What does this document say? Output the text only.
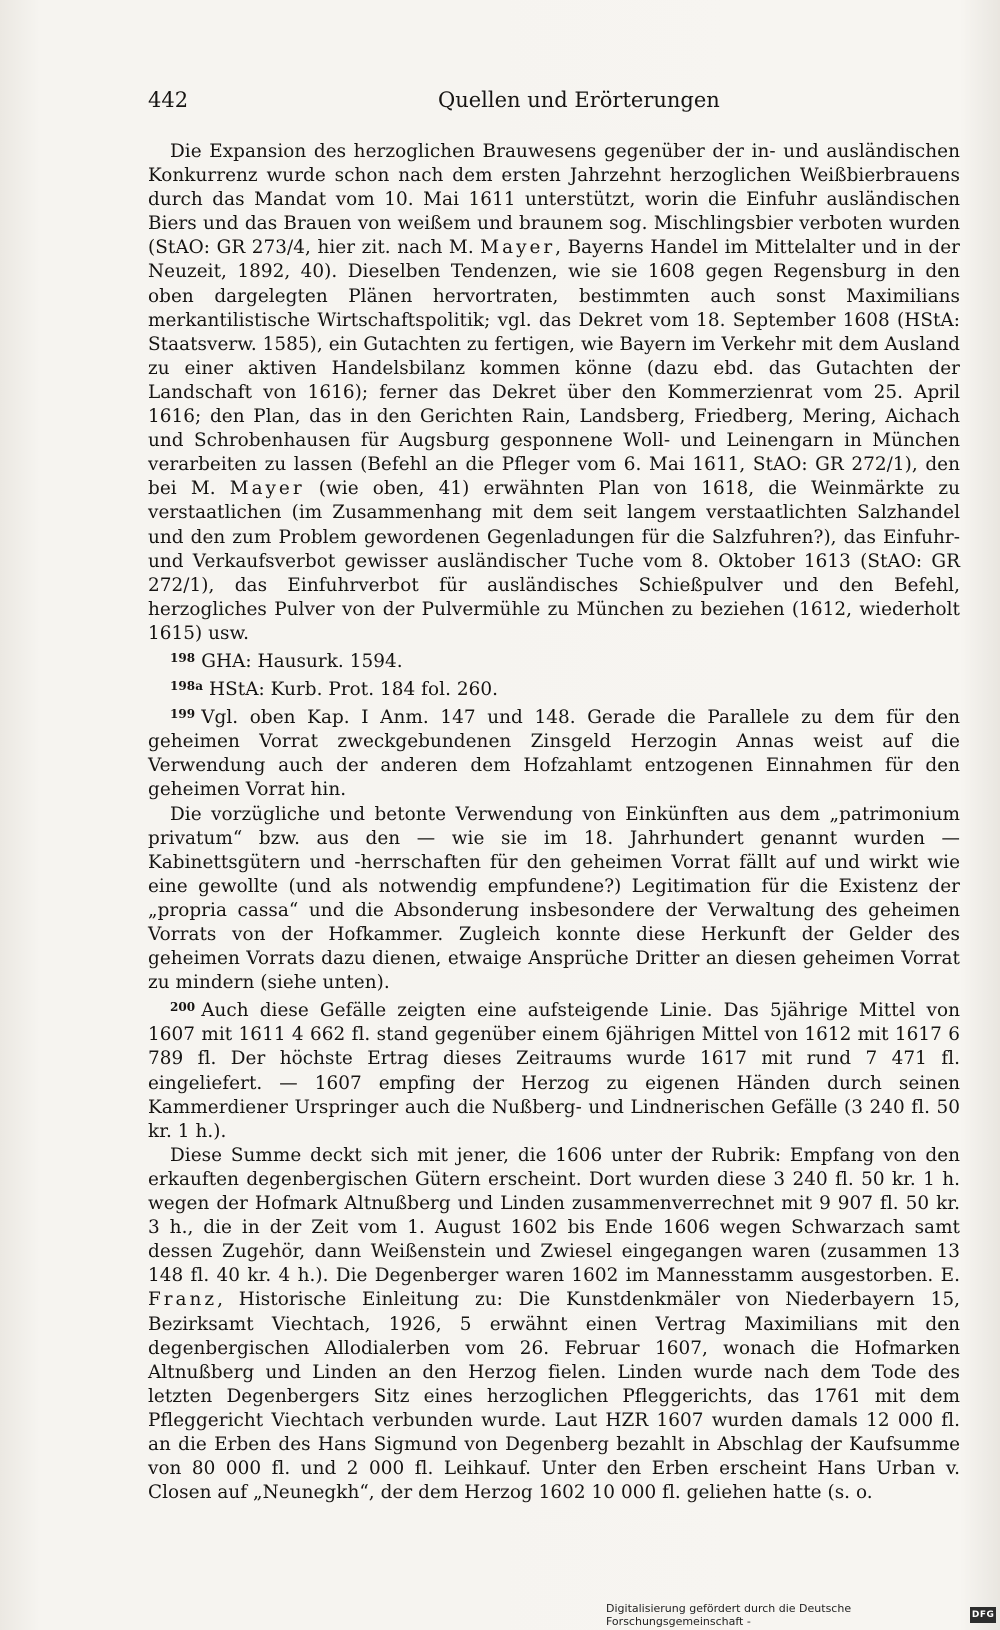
442	Quellen und Erörterungen

Die Expansion des herzoglichen Brauwesens gegenüber der in- und ausländischen Konkurrenz wurde schon nach dem ersten Jahrzehnt herzoglichen Weißbierbrauens durch das Mandat vom 10. Mai 1611 unterstützt, worin die Einfuhr ausländischen Biers und das Brauen von weißem und braunem sog. Mischlingsbier verboten wurden (StAO: GR 273/4, hier zit. nach M. Mayer, Bayerns Handel im Mittelalter und in der Neuzeit, 1892, 40). Dieselben Tendenzen, wie sie 1608 gegen Regensburg in den oben dargelegten Plänen hervortraten, bestimmten auch sonst Maximilians merkantilistische Wirtschaftspolitik; vgl. das Dekret vom 18. September 1608 (HStA: Staatsverw. 1585), ein Gutachten zu fertigen, wie Bayern im Verkehr mit dem Ausland zu einer aktiven Handelsbilanz kommen könne (dazu ebd. das Gutachten der Landschaft von 1616); ferner das Dekret über den Kommerzienrat vom 25. April 1616; den Plan, das in den Gerichten Rain, Landsberg, Friedberg, Mering, Aichach und Schrobenhausen für Augsburg gesponnene Woll- und Leinengarn in München verarbeiten zu lassen (Befehl an die Pfleger vom 6. Mai 1611, StAO: GR 272/1), den bei M. Mayer (wie oben, 41) erwähnten Plan von 1618, die Weinmärkte zu verstaatlichen (im Zusammenhang mit dem seit langem verstaatlichten Salzhandel und den zum Problem gewordenen Gegenladungen für die Salzfuhren?), das Einfuhr- und Verkaufsverbot gewisser ausländischer Tuche vom 8. Oktober 1613 (StAO: GR 272/1), das Einfuhrverbot für ausländisches Schießpulver und den Befehl, herzogliches Pulver von der Pulvermühle zu München zu beziehen (1612, wiederholt 1615) usw.

$^{198}$ GHA: Hausurk. 1594.

$^{198a}$ HStA: Kurb. Prot. 184 fol. 260.

$^{199}$ Vgl. oben Kap. I Anm. 147 und 148. Gerade die Parallele zu dem für den geheimen Vorrat zweckgebundenen Zinsgeld Herzogin Annas weist auf die Verwendung auch der anderen dem Hofzahlamt entzogenen Einnahmen für den geheimen Vorrat hin.

Die vorzügliche und betonte Verwendung von Einkünften aus dem „patrimonium privatum“ bzw. aus den — wie sie im 18. Jahrhundert genannt wurden — Kabinettsgütern und -herrschaften für den geheimen Vorrat fällt auf und wirkt wie eine gewollte (und als notwendig empfundene?) Legitimation für die Existenz der „propria cassa“ und die Absonderung insbesondere der Verwaltung des geheimen Vorrats von der Hofkammer. Zugleich konnte diese Herkunft der Gelder des geheimen Vorrats dazu dienen, etwaige Ansprüche Dritter an diesen geheimen Vorrat zu mindern (siehe unten).

$^{200}$ Auch diese Gefälle zeigten eine aufsteigende Linie. Das 5jährige Mittel von 1607 mit 1611 4 662 fl. stand gegenüber einem 6jährigen Mittel von 1612 mit 1617 6 789 fl. Der höchste Ertrag dieses Zeitraums wurde 1617 mit rund 7 471 fl. eingeliefert. — 1607 empfing der Herzog zu eigenen Händen durch seinen Kammerdiener Urspringer auch die Nußberg- und Lindnerischen Gefälle (3 240 fl. 50 kr. 1 h.).

Diese Summe deckt sich mit jener, die 1606 unter der Rubrik: Empfang von den erkauften degenbergischen Gütern erscheint. Dort wurden diese 3 240 fl. 50 kr. 1 h. wegen der Hofmark Altnußberg und Linden zusammenverrechnet mit 9 907 fl. 50 kr. 3 h., die in der Zeit vom 1. August 1602 bis Ende 1606 wegen Schwarzach samt dessen Zugehör, dann Weißenstein und Zwiesel eingegangen waren (zusammen 13 148 fl. 40 kr. 4 h.). Die Degenberger waren 1602 im Mannesstamm ausgestorben. E. Franz, Historische Einleitung zu: Die Kunstdenkmäler von Niederbayern 15, Bezirksamt Viechtach, 1926, 5 erwähnt einen Vertrag Maximilians mit den degenbergischen Allodialerben vom 26. Februar 1607, wonach die Hofmarken Altnußberg und Linden an den Herzog fielen. Linden wurde nach dem Tode des letzten Degenbergers Sitz eines herzoglichen Pfleggerichts, das 1761 mit dem Pfleggericht Viechtach verbunden wurde. Laut HZR 1607 wurden damals 12 000 fl. an die Erben des Hans Sigmund von Degenberg bezahlt in Abschlag der Kaufsumme von 80 000 fl. und 2 000 fl. Leihkauf. Unter den Erben erscheint Hans Urban v. Closen auf „Neunegkh“, der dem Herzog 1602 10 000 fl. geliehen hatte (s. o.

Digitalisierung gefördert durch die Deutsche Forschungsgemeinschaft -	DFG
